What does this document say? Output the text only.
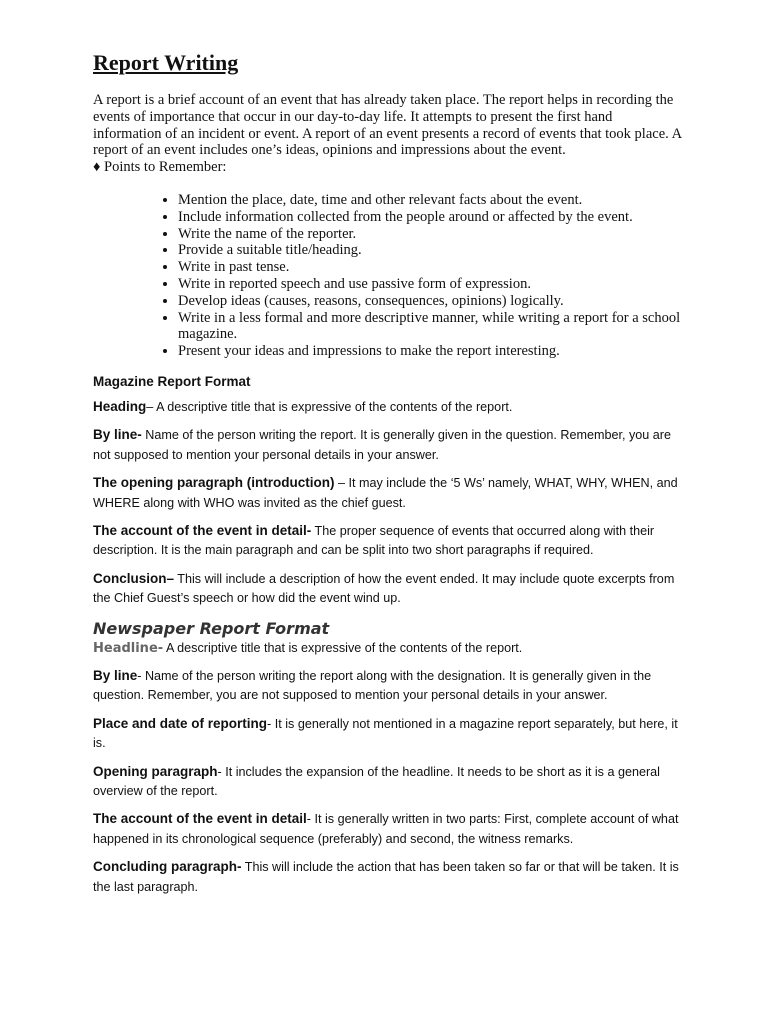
Report Writing

A report is a brief account of an event that has already taken place. The report helps in recording the events of importance that occur in our day-to-day life. It attempts to present the first hand information of an incident or event. A report of an event presents a record of events that took place. A report of an event includes one’s ideas, opinions and impressions about the event.

♦ Points to Remember:

• Mention the place, date, time and other relevant facts about the event.
• Include information collected from the people around or affected by the event.
• Write the name of the reporter.
• Provide a suitable title/heading.
• Write in past tense.
• Write in reported speech and use passive form of expression.
• Develop ideas (causes, reasons, consequences, opinions) logically.
• Write in a less formal and more descriptive manner, while writing a report for a school magazine.
• Present your ideas and impressions to make the report interesting.
Magazine Report Format

Heading– A descriptive title that is expressive of the contents of the report.

By line- Name of the person writing the report. It is generally given in the question. Remember, you are not supposed to mention your personal details in your answer.

The opening paragraph (introduction) – It may include the ‘5 Ws’ namely, WHAT, WHY, WHEN, and WHERE along with WHO was invited as the chief guest.

The account of the event in detail- The proper sequence of events that occurred along with their description. It is the main paragraph and can be split into two short paragraphs if required.

Conclusion– This will include a description of how the event ended. It may include quote excerpts from the Chief Guest’s speech or how did the event wind up.

Newspaper Report Format

Headline- A descriptive title that is expressive of the contents of the report.

By line- Name of the person writing the report along with the designation. It is generally given in the question. Remember, you are not supposed to mention your personal details in your answer.

Place and date of reporting- It is generally not mentioned in a magazine report separately, but here, it is.

Opening paragraph- It includes the expansion of the headline. It needs to be short as it is a general overview of the report.

The account of the event in detail- It is generally written in two parts: First, complete account of what happened in its chronological sequence (preferably) and second, the witness remarks.

Concluding paragraph- This will include the action that has been taken so far or that will be taken. It is the last paragraph.
